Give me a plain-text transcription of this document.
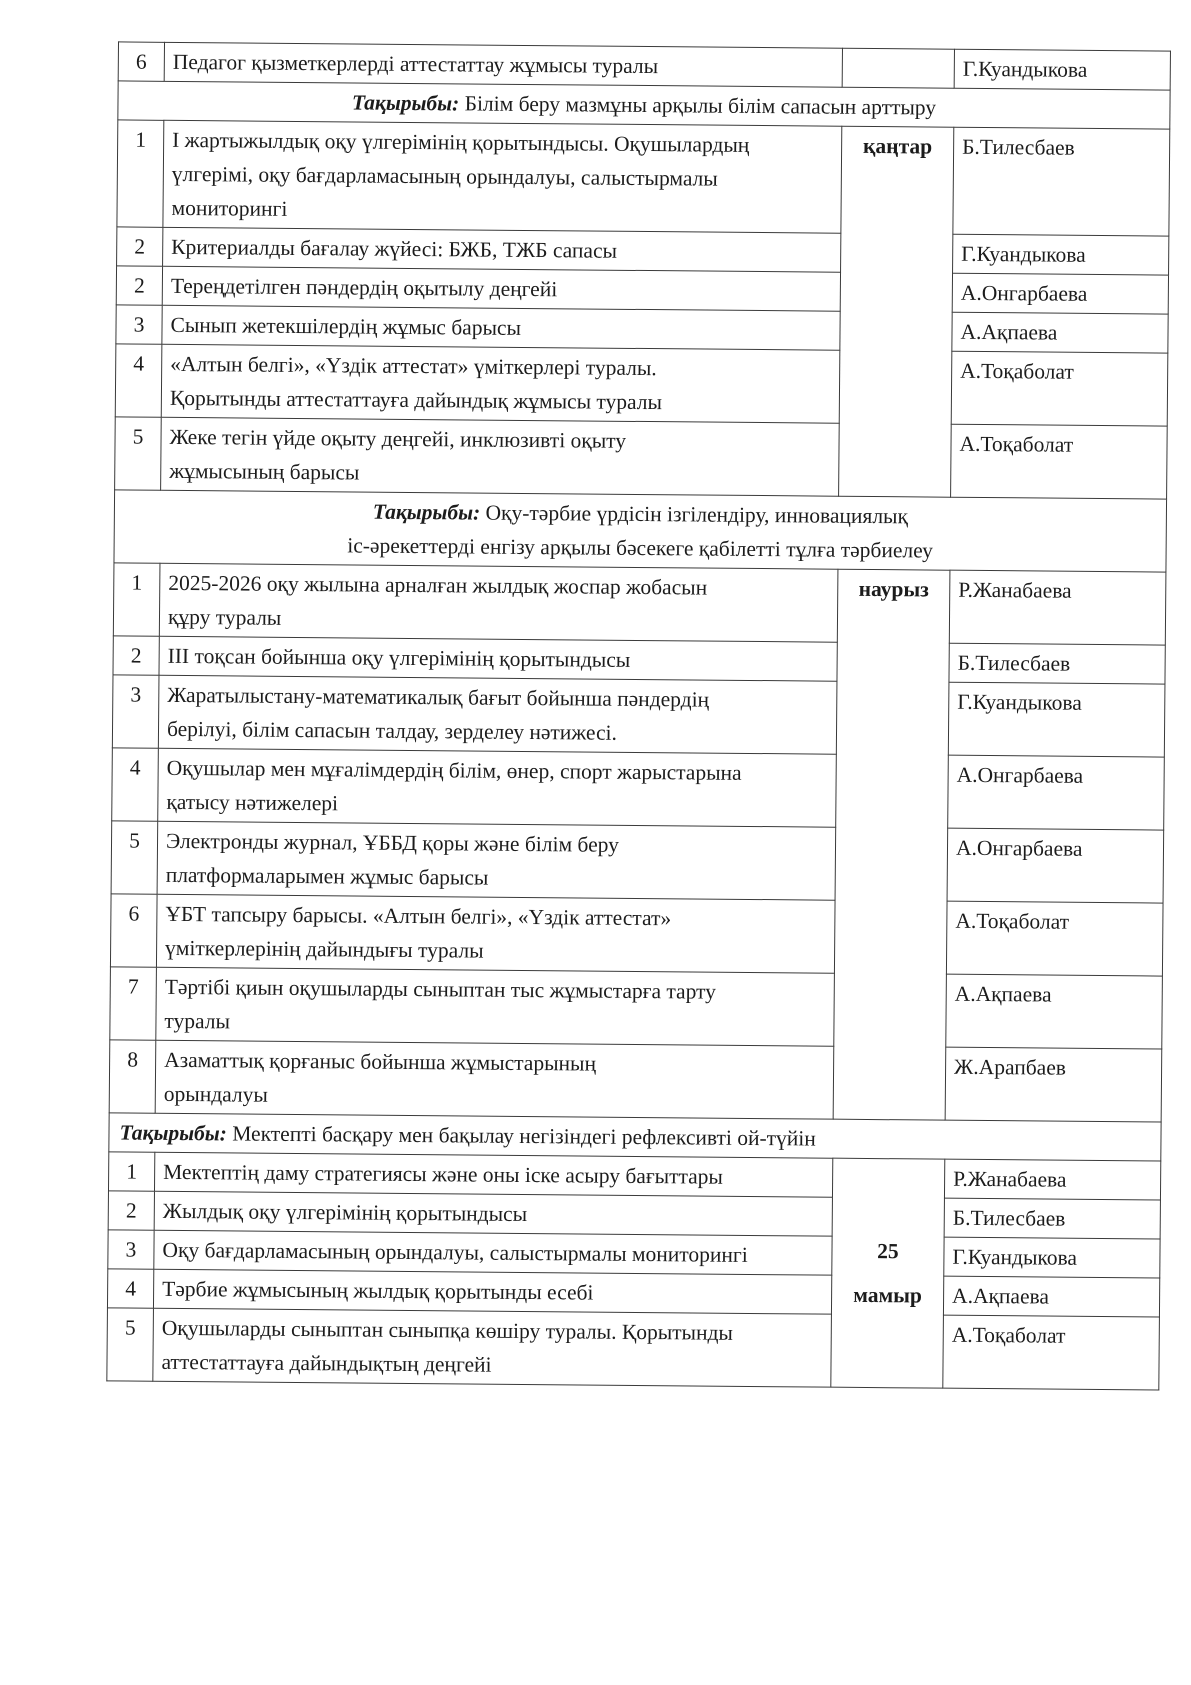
6	Педагог қызметкерлерді аттестаттау жұмысы туралы		Г.Куандыкова
Тақырыбы: Білім беру мазмұны арқылы білім сапасын арттыру			
1	І жартыжылдық оқу үлгерімінің қорытындысы. Оқушылардың
үлгерімі, оқу бағдарламасының орындалуы, салыстырмалы
мониторингі	қаңтар	Б.Тилесбаев
2	Критериалды бағалау жүйесі: БЖБ, ТЖБ сапасы		Г.Куандыкова
2	Тереңдетілген пәндердің оқытылу деңгейі		А.Онгарбаева
3	Сынып жетекшілердің жұмыс барысы		А.Ақпаева
4	«Алтын белгі», «Үздік аттестат» үміткерлері туралы.
Қорытынды аттестаттауға дайындық жұмысы туралы		А.Тоқаболат
5	Жеке тегін үйде оқыту деңгейі, инклюзивті оқыту
жұмысының барысы		А.Тоқаболат
Тақырыбы: Оқу-тәрбие үрдісін ізгілендіру, инновациялық
іс-әрекеттерді енгізу арқылы бәсекеге қабілетті тұлға тәрбиелеу			

1	2025-2026 оқу жылына арналған жылдық жоспар жобасын
құру туралы	наурыз	Р.Жанабаева
2	ІІІ тоқсан бойынша оқу үлгерімінің қорытындысы		Б.Тилесбаев
3	Жаратылыстану-математикалық бағыт бойынша пәндердің
берілуі, білім сапасын талдау, зерделеу нәтижесі.		Г.Куандыкова
4	Оқушылар мен мұғалімдердің білім, өнер, спорт жарыстарына
қатысу нәтижелері		А.Онгарбаева
5	Электронды журнал, ҰББД қоры және білім беру
платформаларымен жұмыс барысы		А.Онгарбаева
6	ҰБТ тапсыру барысы. «Алтын белгі», «Үздік аттестат»
үміткерлерінің дайындығы туралы		А.Тоқаболат
7	Тәртібі қиын оқушыларды сыныптан тыс жұмыстарға тарту
туралы		А.Ақпаева
8	Азаматтық қорғаныс бойынша жұмыстарының
орындалуы		Ж.Арапбаев
Тақырыбы: Мектепті басқару мен бақылау негізіндегі рефлексивті ой-түйін			
1	Мектептің даму стратегиясы және оны іске асыру бағыттары	25
мамыр	Р.Жанабаева
2	Жылдық оқу үлгерімінің қорытындысы		Б.Тилесбаев
3	Оқу бағдарламасының орындалуы, салыстырмалы мониторингі		Г.Куандыкова
4	Тәрбие жұмысының жылдық қорытынды есебі		А.Ақпаева
5	Оқушыларды сыныптан сыныпқа көшіру туралы. Қорытынды
аттестаттауға дайындықтың деңгейі		А.Тоқаболат
